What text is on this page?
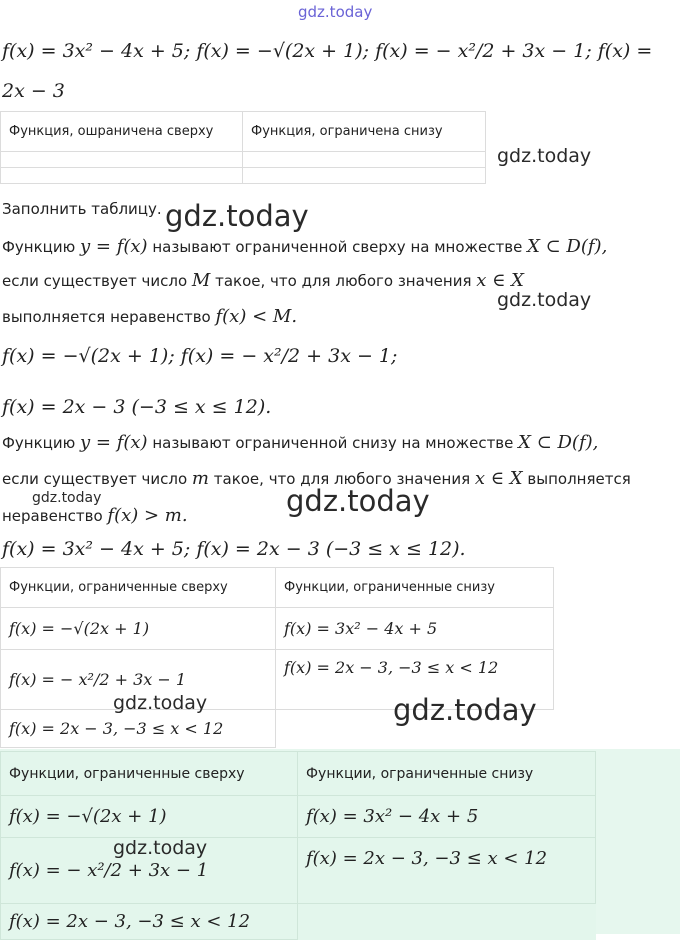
gdz.today
f(x) = 3x² − 4x + 5; f(x) = −√(2x + 1); f(x) = − x²/2 + 3x − 1; f(x) =
2x − 3
Функция, ошраничена сверху	Функция, ограничена снизу

gdz.today
Заполнить таблицу. gdz.today
Функцию y = f(x) называют ограниченной сверху на множестве X ⊂ D(f),
если существует число M такое, что для любого значения x ∈ X
gdz.today
выполняется неравенство f(x) < M.
f(x) = −√(2x + 1); f(x) = − x²/2 + 3x − 1;
f(x) = 2x − 3 (−3 ≤ x ≤ 12).
Функцию y = f(x) называют ограниченной снизу на множестве X ⊂ D(f),
если существует число m такое, что для любого значения x ∈ X выполняется
gdz.today	gdz.today
неравенство f(x) > m.
f(x) = 3x² − 4x + 5; f(x) = 2x − 3 (−3 ≤ x ≤ 12).
Функции, ограниченные сверху	Функции, ограниченные снизу
f(x) = −√(2x + 1)	f(x) = 3x² − 4x + 5
f(x) = − x²/2 + 3x − 1	f(x) = 2x − 3, −3 ≤ x < 12
f(x) = 2x − 3, −3 ≤ x < 12	
gdz.today	gdz.today
Функции, ограниченные сверху	Функции, ограниченные снизу
f(x) = −√(2x + 1)	f(x) = 3x² − 4x + 5
f(x) = − x²/2 + 3x − 1	f(x) = 2x − 3, −3 ≤ x < 12
f(x) = 2x − 3, −3 ≤ x < 12	
gdz.today
